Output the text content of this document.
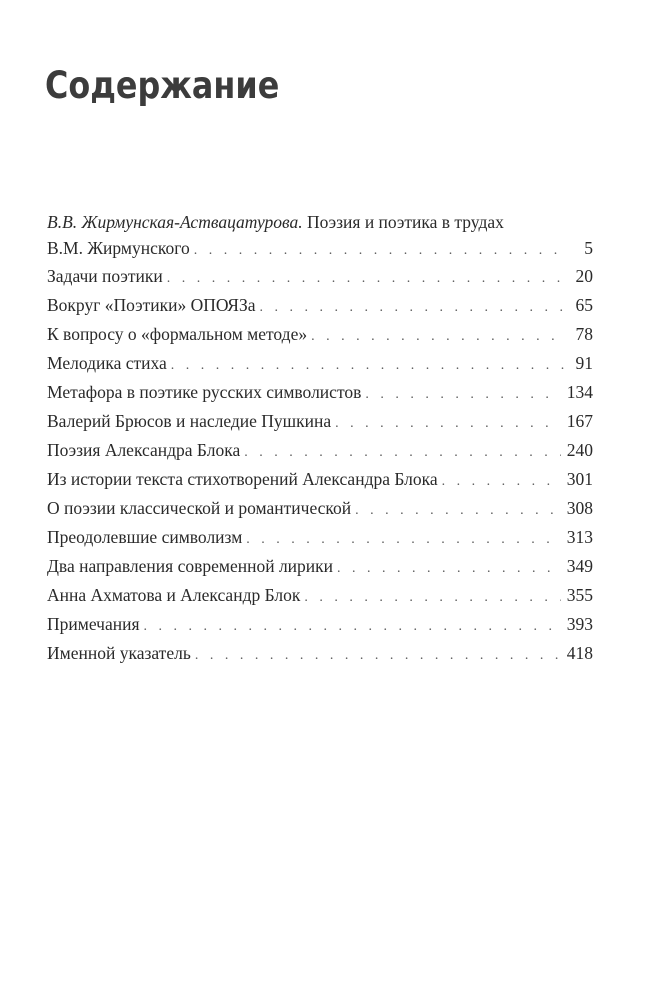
Содержание
В.В. Жирмунская-Аствацатурова. Поэзия и поэтика в трудах
В.М. Жирмунского . . .	5
Задачи поэтики . . .	20
Вокруг «Поэтики» ОПОЯЗа . . .	65
К вопросу о «формальном методе» . . .	78
Мелодика стиха . . .	91
Метафора в поэтике русских символистов . . .	134
Валерий Брюсов и наследие Пушкина . . .	167
Поэзия Александра Блока . . .	240
Из истории текста стихотворений Александра Блока . . .	301
О поэзии классической и романтической . . .	308
Преодолевшие символизм . . .	313
Два направления современной лирики . . .	349
Анна Ахматова и Александр Блок . . .	355
Примечания . . .	393
Именной указатель . . .	418
